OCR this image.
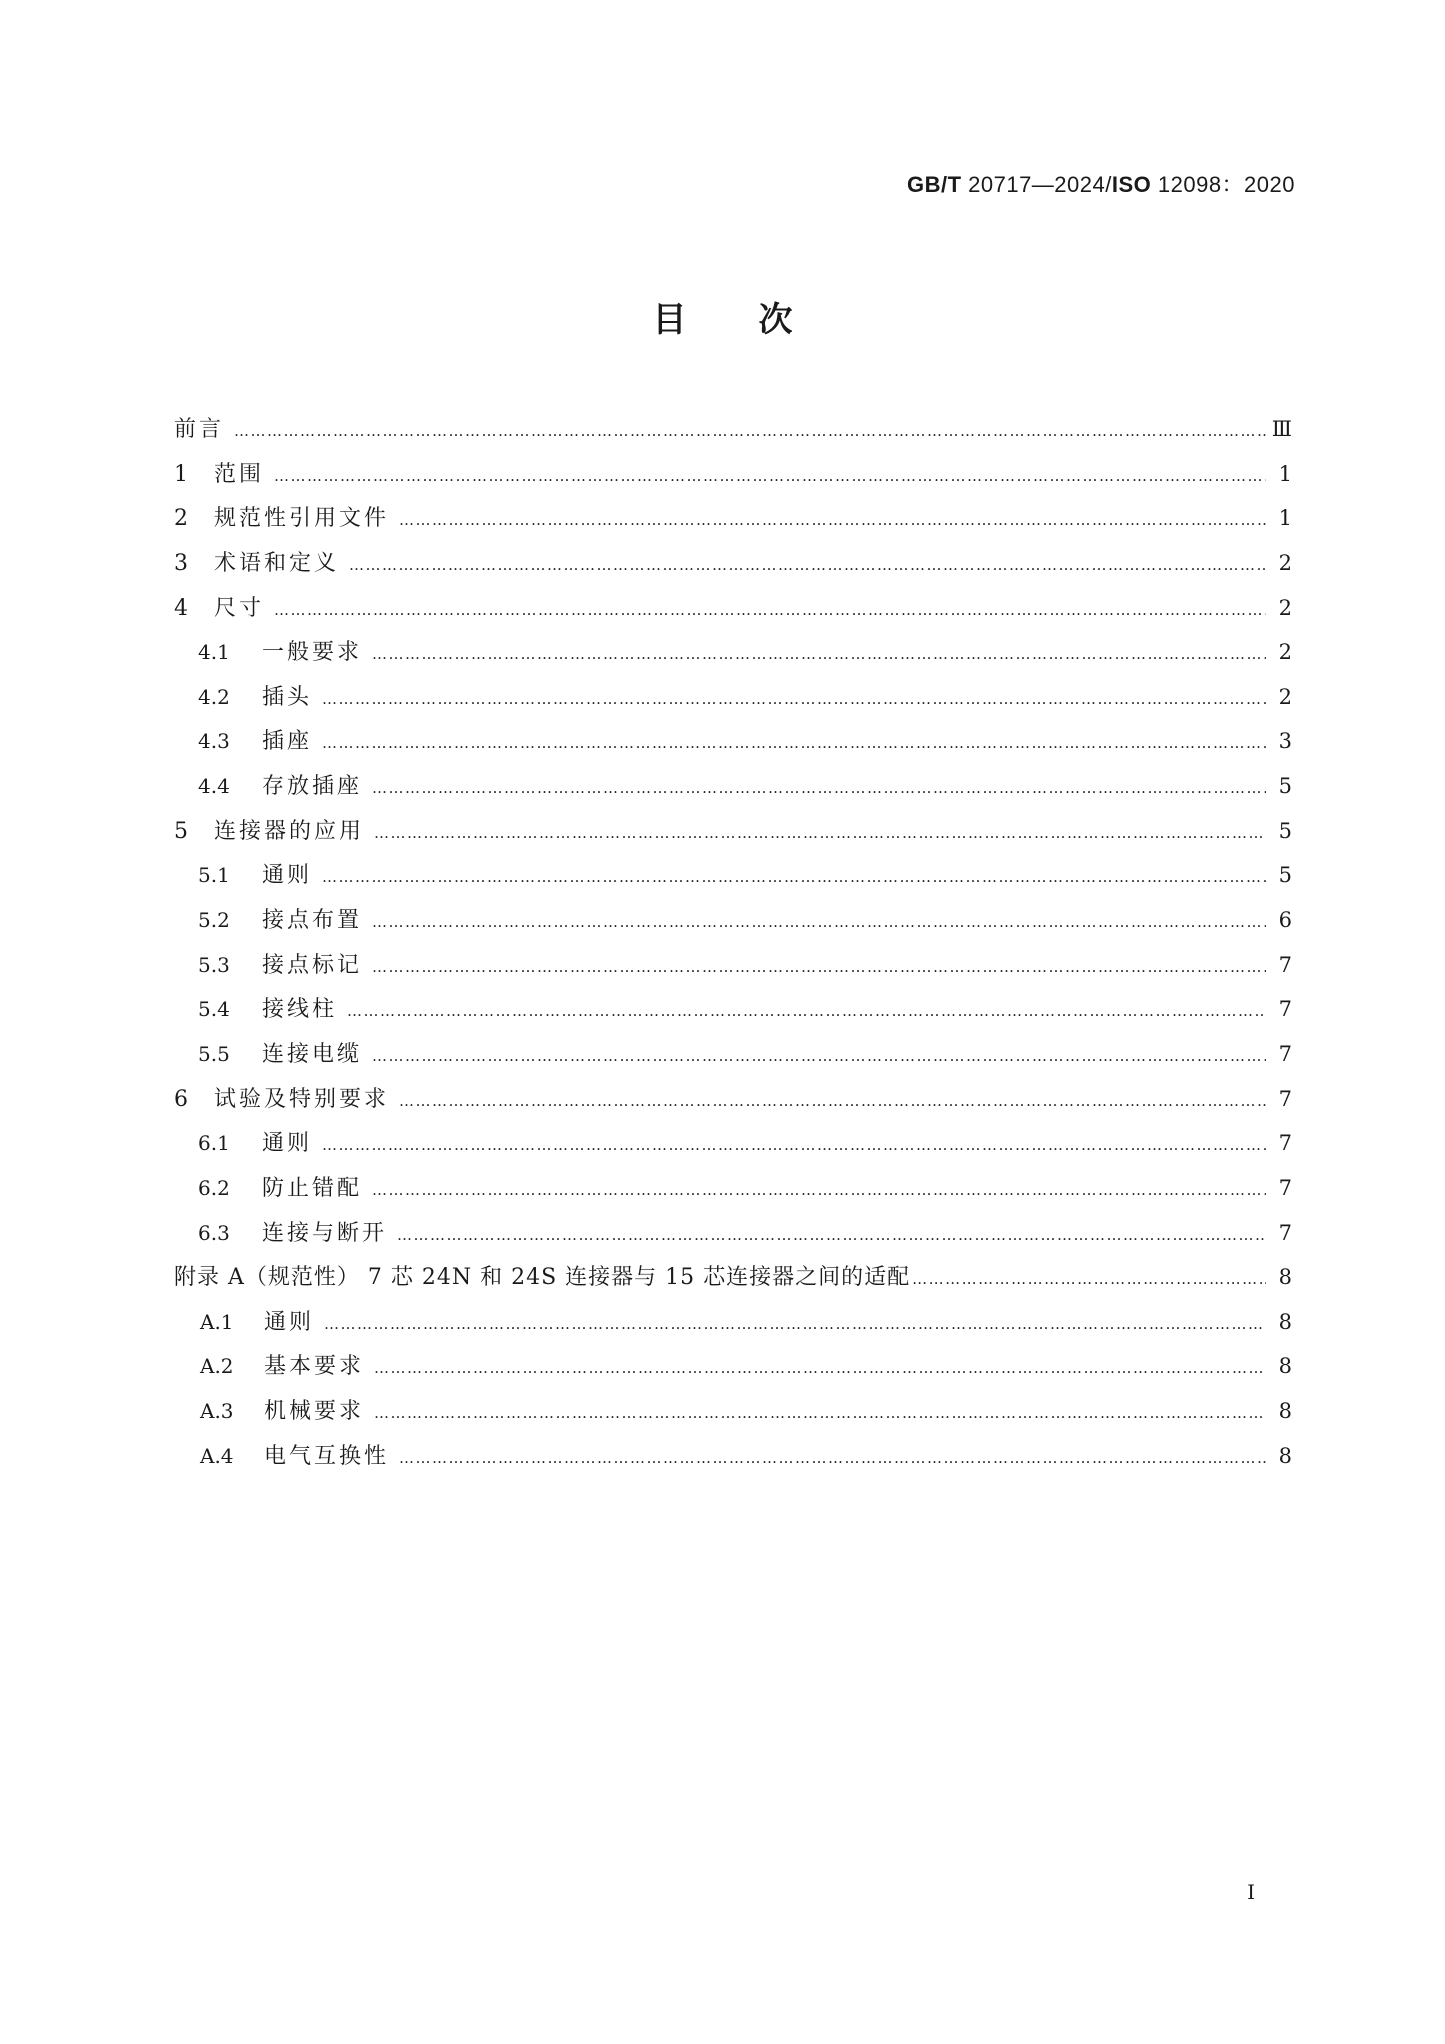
GB/T 20717—2024/ISO 12098：2020
目次
前言 …………………………………………………………………………………………………………………………………………………………………………………………………………………	Ⅲ
1	范围 …………………………………………………………………………………………………………………………………………………………………………………………………………………	1
2	规范性引用文件 …………………………………………………………………………………………………………………………………………………………………………………………………………………	1
3	术语和定义 …………………………………………………………………………………………………………………………………………………………………………………………………………………	2
4	尺寸 …………………………………………………………………………………………………………………………………………………………………………………………………………………	2
4.1	一般要求 …………………………………………………………………………………………………………………………………………………………………………………………………………………	2
4.2	插头 …………………………………………………………………………………………………………………………………………………………………………………………………………………	2
4.3	插座 …………………………………………………………………………………………………………………………………………………………………………………………………………………	3
4.4	存放插座 …………………………………………………………………………………………………………………………………………………………………………………………………………………	5
5	连接器的应用 …………………………………………………………………………………………………………………………………………………………………………………………………………………	5
5.1	通则 …………………………………………………………………………………………………………………………………………………………………………………………………………………	5
5.2	接点布置 …………………………………………………………………………………………………………………………………………………………………………………………………………………	6
5.3	接点标记 …………………………………………………………………………………………………………………………………………………………………………………………………………………	7
5.4	接线柱 …………………………………………………………………………………………………………………………………………………………………………………………………………………	7
5.5	连接电缆 …………………………………………………………………………………………………………………………………………………………………………………………………………………	7
6	试验及特别要求 …………………………………………………………………………………………………………………………………………………………………………………………………………………	7
6.1	通则 …………………………………………………………………………………………………………………………………………………………………………………………………………………	7
6.2	防止错配 …………………………………………………………………………………………………………………………………………………………………………………………………………………	7
6.3	连接与断开 …………………………………………………………………………………………………………………………………………………………………………………………………………………	7
附录 A（规范性） 7 芯 24N 和 24S 连接器与 15 芯连接器之间的适配 …………………………………………………………………………………………………………………………………………………………………………………………………………………	8
A.1	通则 …………………………………………………………………………………………………………………………………………………………………………………………………………………	8
A.2	基本要求 …………………………………………………………………………………………………………………………………………………………………………………………………………………	8
A.3	机械要求 …………………………………………………………………………………………………………………………………………………………………………………………………………………	8
A.4	电气互换性 …………………………………………………………………………………………………………………………………………………………………………………………………………………	8
I
